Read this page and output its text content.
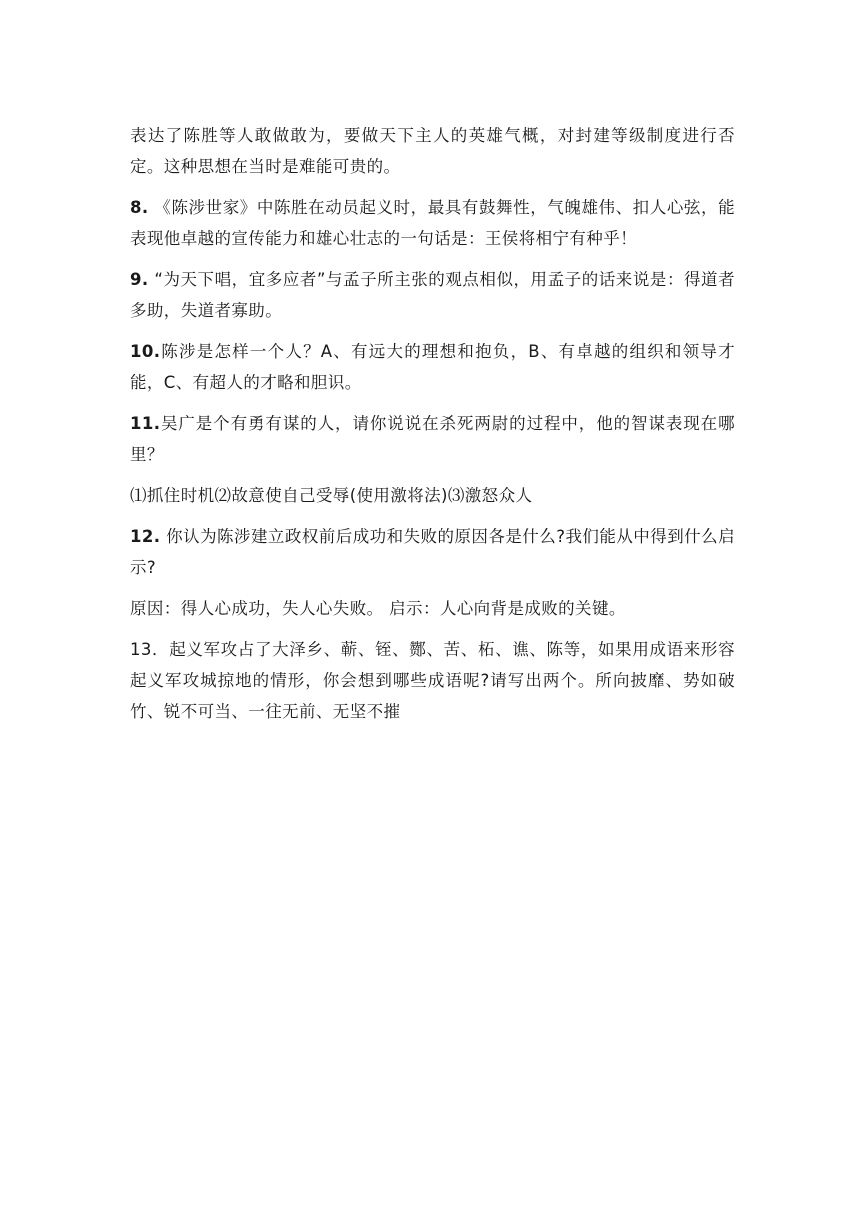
表达了陈胜等人敢做敢为，要做天下主人的英雄气概，对封建等级制度进行否定。这种思想在当时是难能可贵的。

8. 《陈涉世家》中陈胜在动员起义时，最具有鼓舞性，气魄雄伟、扣人心弦，能表现他卓越的宣传能力和雄心壮志的一句话是：王侯将相宁有种乎！

9. “为天下唱，宜多应者”与孟子所主张的观点相似，用孟子的话来说是：得道者多助，失道者寡助。

10.陈涉是怎样一个人？A、有远大的理想和抱负，B、有卓越的组织和领导才能，C、有超人的才略和胆识。

11.吴广是个有勇有谋的人，请你说说在杀死两尉的过程中，他的智谋表现在哪里？

⑴抓住时机⑵故意使自己受辱(使用激将法)⑶激怒众人

12. 你认为陈涉建立政权前后成功和失败的原因各是什么?我们能从中得到什么启示?

原因：得人心成功，失人心失败。 启示：人心向背是成败的关键。

13．起义军攻占了大泽乡、蕲、铚、酂、苦、柘、谯、陈等，如果用成语来形容起义军攻城掠地的情形，你会想到哪些成语呢?请写出两个。所向披靡、势如破竹、锐不可当、一往无前、无坚不摧
